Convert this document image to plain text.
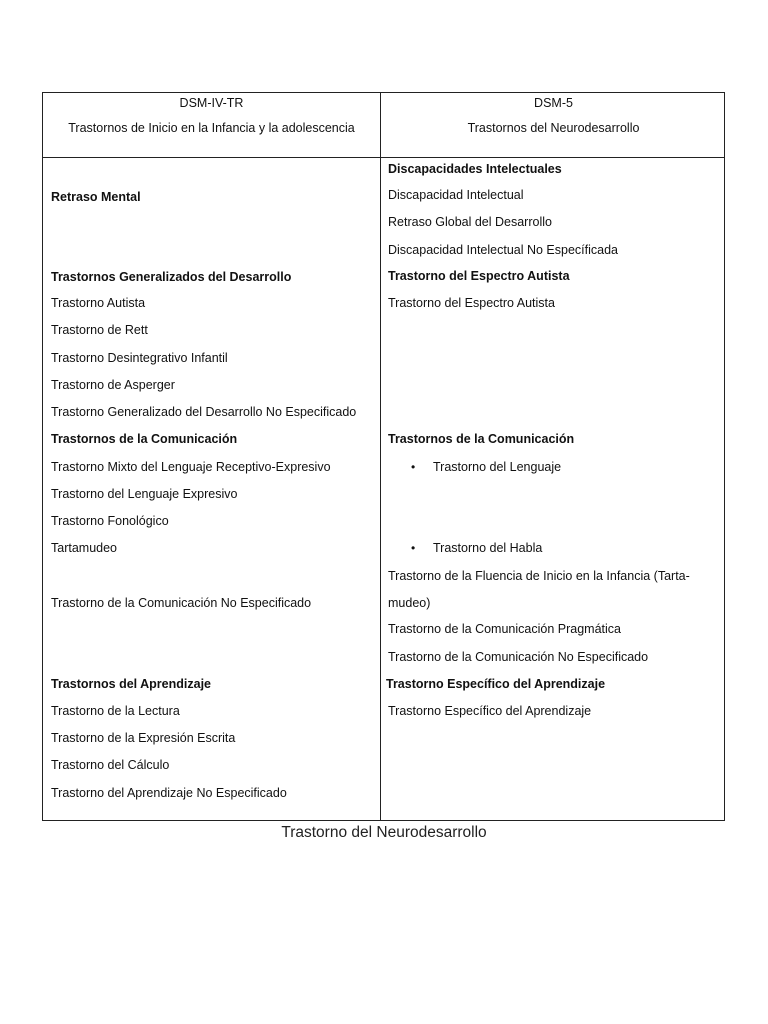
DSM-IV-TR
Trastornos de Inicio en la Infancia y la adolescencia
DSM-5
Trastornos del Neurodesarrollo
Retraso Mental
Trastornos Generalizados del Desarrollo
Trastorno Autista
Trastorno de Rett
Trastorno Desintegrativo Infantil
Trastorno de Asperger
Trastorno Generalizado del Desarrollo No Especificado
Trastornos de la Comunicación
Trastorno Mixto del Lenguaje Receptivo-Expresivo
Trastorno del Lenguaje Expresivo
Trastorno Fonológico
Tartamudeo
Trastorno de la Comunicación No Especificado
Trastornos del Aprendizaje
Trastorno de la Lectura
Trastorno de la Expresión Escrita
Trastorno del Cálculo
Trastorno del Aprendizaje No Especificado
Discapacidades Intelectuales
Discapacidad Intelectual
Retraso Global del Desarrollo
Discapacidad Intelectual No Específicada
Trastorno del Espectro Autista
Trastorno del Espectro Autista
Trastornos de la Comunicación
•	Trastorno del Lenguaje
•	Trastorno del Habla
Trastorno de la Fluencia de Inicio en la Infancia (Tarta-
mudeo)
Trastorno de la Comunicación Pragmática
Trastorno de la Comunicación No Especificado
Trastorno Específico del Aprendizaje
Trastorno Específico del Aprendizaje
Trastorno del Neurodesarrollo
